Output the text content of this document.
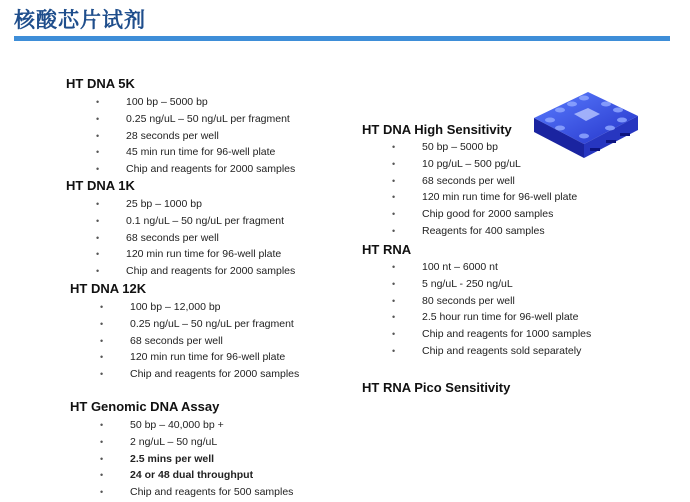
核酸芯片试剂
HT DNA 5K
•	100 bp – 5000 bp
•	0.25 ng/uL – 50 ng/uL per fragment
•	28 seconds per well
•	45 min run time for 96-well plate
•	Chip and reagents for 2000 samples
HT DNA 1K
•	25 bp – 1000 bp
•	0.1 ng/uL – 50 ng/uL per fragment
•	68 seconds per well
•	120 min run time for 96-well plate
•	Chip and reagents for 2000 samples
HT DNA 12K
•	100 bp – 12,000 bp
•	0.25 ng/uL – 50 ng/uL per fragment
•	68 seconds per well
•	120 min run time for 96-well plate
•	Chip and reagents for 2000 samples
HT Genomic DNA Assay
•	50 bp – 40,000 bp +
•	2 ng/uL – 50 ng/uL
•	2.5 mins per well
•	24 or 48 dual throughput
•	Chip and reagents for 500 samples
HT DNA High Sensitivity
•	50 bp – 5000 bp
•	10 pg/uL – 500 pg/uL
•	68 seconds per well
•	120 min run time for 96-well plate
•	Chip good for 2000 samples
•	Reagents for 400 samples
HT RNA
•	100 nt – 6000 nt
•	5 ng/uL - 250 ng/uL
•	80 seconds per well
•	2.5 hour run time for 96-well plate
•	Chip and reagents for 1000 samples
•	Chip and reagents sold separately
HT RNA Pico Sensitivity
